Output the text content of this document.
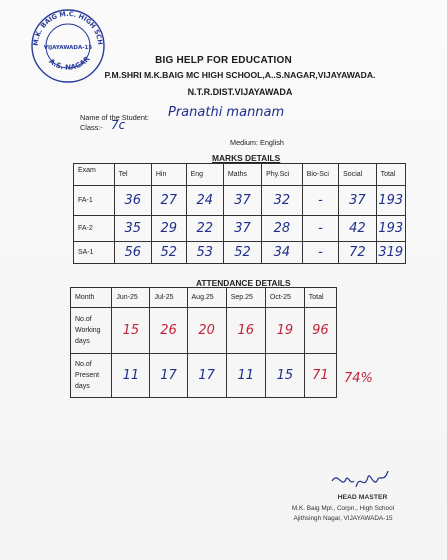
M.K. BAIG M.C. HIGH SCH
VIJAYAWADA-15
A.S. NAGAR	BIG HELP FOR EDUCATION
P.M.SHRI M.K.BAIG MC HIGH SCHOOL,A..S.NAGAR,VIJAYAWADA.
N.T.R.DIST.VIJAYAWADA
Name of the Student: Pranathi mannam
Class:- 7c
Medium: English
MARKS DETAILS
Exam	Tel	Hin	Eng	Maths	Phy.Sci	Bio-Sci	Social	Total
FA-1	36	27	24	37	32	-	37	193

FA-2	35	29	22	37	28	-	42	193

SA-1	56	52	53	52	34	-	72	319
ATTENDANCE DETAILS
Month	Jun-25	Jul-25	Aug.25	Sep.25	Oct-25	Total
No.of Working days	15	26	20	16	19	96

No.of Present days	11	17	17	11	15	71	74%
HEAD MASTER
M.K. Baig Mpl., Corpn., High School
Ajithsingh Nagar, VIJAYAWADA-15
